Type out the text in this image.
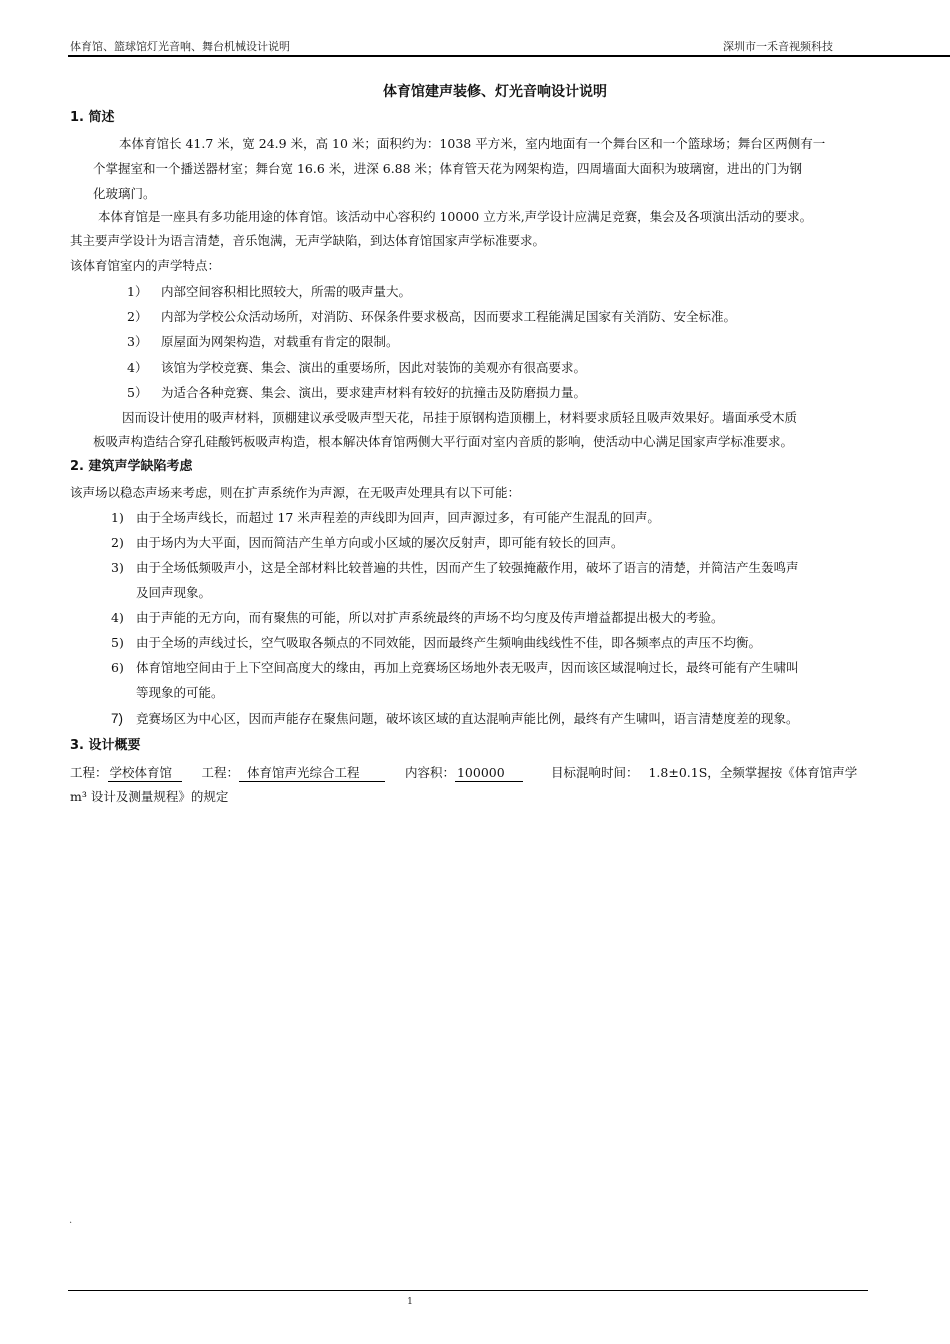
体育馆、篮球馆灯光音响、舞台机械设计说明	深圳市一禾音视频科技
体育馆建声装修、灯光音响设计说明
1. 简述
本体育馆长 41.7 米，宽 24.9 米，高 10 米；面积约为：1038 平方米，室内地面有一个舞台区和一个篮球场；舞台区两侧有一
个掌握室和一个播送器材室；舞台宽 16.6 米，进深 6.88 米；体育管天花为网架构造，四周墙面大面积为玻璃窗，进出的门为钢
化玻璃门。
本体育馆是一座具有多功能用途的体育馆。该活动中心容积约 10000 立方米,声学设计应满足竞赛，集会及各项演出活动的要求。
其主要声学设计为语言清楚，音乐饱满，无声学缺陷，到达体育馆国家声学标准要求。
该体育馆室内的声学特点：
1） 内部空间容积相比照较大，所需的吸声量大。
2） 内部为学校公众活动场所，对消防、环保条件要求极高，因而要求工程能满足国家有关消防、安全标准。
3） 原屋面为网架构造，对载重有肯定的限制。
4） 该馆为学校竞赛、集会、演出的重要场所，因此对装饰的美观亦有很高要求。
5） 为适合各种竞赛、集会、演出，要求建声材料有较好的抗撞击及防磨损力量。
因而设计使用的吸声材料，顶棚建议承受吸声型天花，吊挂于原钢构造顶棚上，材料要求质轻且吸声效果好。墙面承受木质
板吸声构造结合穿孔硅酸钙板吸声构造，根本解决体育馆两侧大平行面对室内音质的影响，使活动中心满足国家声学标准要求。
2. 建筑声学缺陷考虑
该声场以稳态声场来考虑，则在扩声系统作为声源，在无吸声处理具有以下可能：
1) 由于全场声线长，而超过 17 米声程差的声线即为回声，回声源过多，有可能产生混乱的回声。
2) 由于场内为大平面，因而简洁产生单方向或小区域的屡次反射声，即可能有较长的回声。
3) 由于全场低频吸声小，这是全部材料比较普遍的共性，因而产生了较强掩蔽作用，破坏了语言的清楚，并简洁产生轰鸣声
及回声现象。
4) 由于声能的无方向，而有聚焦的可能，所以对扩声系统最终的声场不均匀度及传声增益都提出极大的考验。
5) 由于全场的声线过长，空气吸取各频点的不同效能，因而最终产生频响曲线线性不佳，即各频率点的声压不均衡。
6) 体育馆地空间由于上下空间高度大的缘由，再加上竞赛场区场地外表无吸声，因而该区域混响过长，最终可能有产生啸叫
等现象的可能。
7) 竞赛场区为中心区，因而声能存在聚焦问题，破坏该区域的直达混响声能比例，最终有产生啸叫，语言清楚度差的现象。
3. 设计概要
工程： 学校体育馆 工程： 体育馆声光综合工程	内容积： 100000	目标混响时间： 1.8±0.1S，全频掌握按《体育馆声学
m³ 设计及测量规程》的规定
.
1
